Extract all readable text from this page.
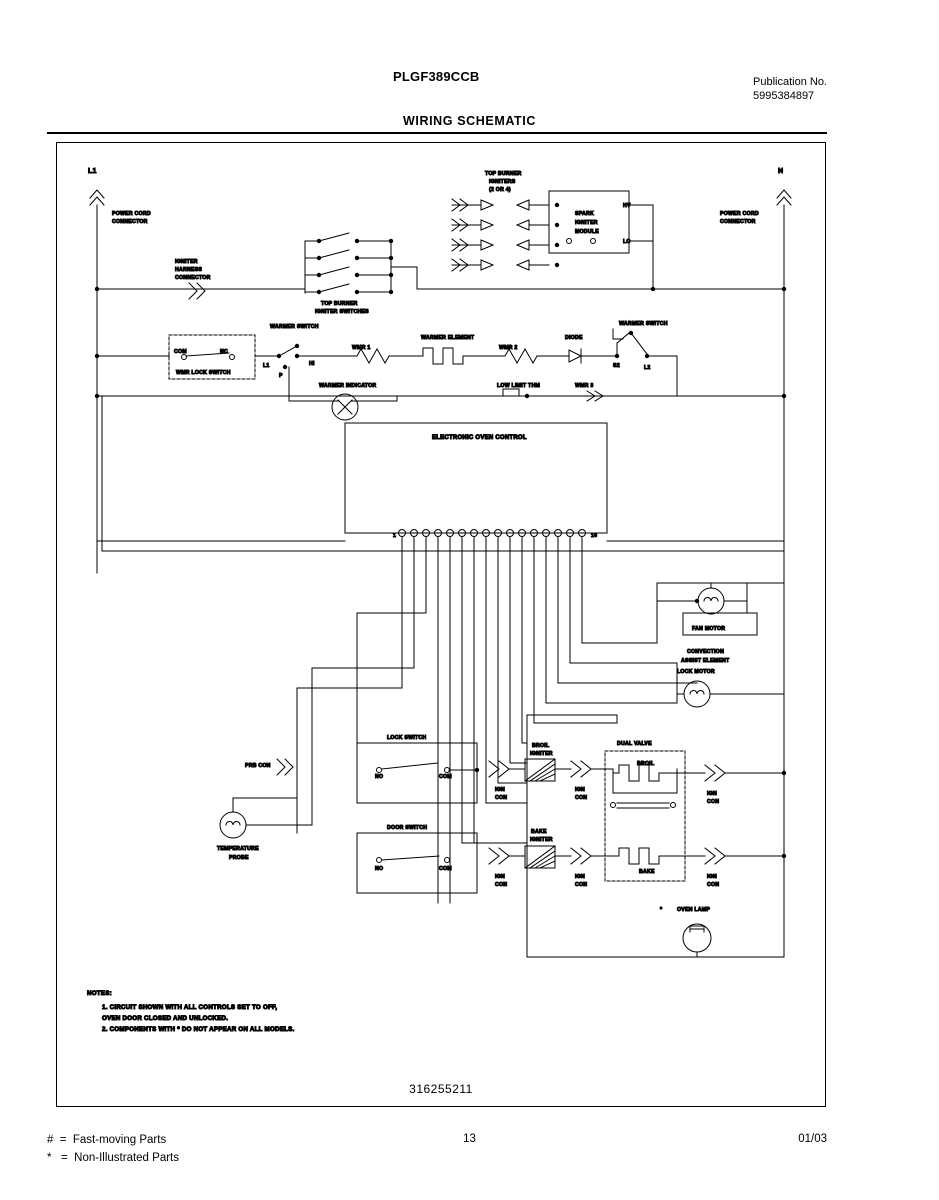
PLGF389CCB	Publication No.
5995384897
WIRING SCHEMATIC
L1	N
POWER CORD
CONNECTOR
POWER CORD
CONNECTOR
IGNITER
HARNESS
CONNECTOR
TOP BURNER
IGNITER SWITCHES
TOP BURNER
IGNITERS
(2 OR 4)
SPARK
IGNITER
MODULE
HV
LO
COM	NC
WMR LOCK SWITCH
WARMER SWITCH
L1
P
HI
WARMER INDICATOR
WMR 1
WARMER ELEMENT
WMR 2
DIODE
WARMER SWITCH
S2	L2
LOW LIMIT THM	WMR 3
ELECTRONIC OVEN CONTROL
1	16
CONVECTION
ASSIST ELEMENT
FAN MOTOR
LOCK MOTOR
LOCK SWITCH
NO	COM
DOOR SWITCH
NO	COM
PRB CON
TEMPERATURE
PROBE
BROIL
IGNITER
IGN
CON
IGN
CON
DUAL VALVE
BROIL
IGN
CON
BAKE
IGNITER
IGN
CON
IGN
CON
BAKE
IGN
CON
*	OVEN LAMP
NOTES:
1. CIRCUIT SHOWN WITH ALL CONTROLS SET TO OFF,
OVEN DOOR CLOSED AND UNLOCKED.
2. COMPONENTS WITH * DO NOT APPEAR ON ALL MODELS.
316255211
#  =  Fast-moving Parts
*   =  Non-Illustrated Parts
13	01/03
